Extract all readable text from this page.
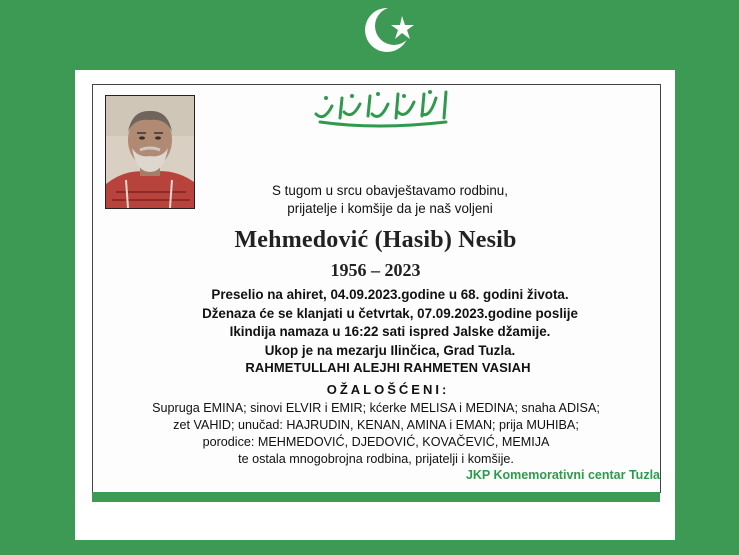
S tugom u srcu obavještavamo rodbinu,
prijatelje i komšije da je naš voljeni
Mehmedović (Hasib) Nesib
1956 – 2023
Preselio na ahiret, 04.09.2023.godine u 68. godini života.
Dženaza će se klanjati u četvrtak, 07.09.2023.godine poslije
Ikindija namaza u 16:22 sati ispred Jalske džamije.
Ukop je na mezarju Ilinčica, Grad Tuzla.
RAHMETULLAHI ALEJHI RAHMETEN VASIAH
OŽALOŠĆENI:
Supruga EMINA; sinovi ELVIR i EMIR; kćerke MELISA i MEDINA; snaha ADISA;
zet VAHID; unučad: HAJRUDIN, KENAN, AMINA i EMAN; prija MUHIBA;
porodice: MEHMEDOVIĆ, DJEDOVIĆ, KOVAČEVIĆ, MEMIJA
te ostala mnogobrojna rodbina, prijatelji i komšije.
JKP Komemorativni centar Tuzla
